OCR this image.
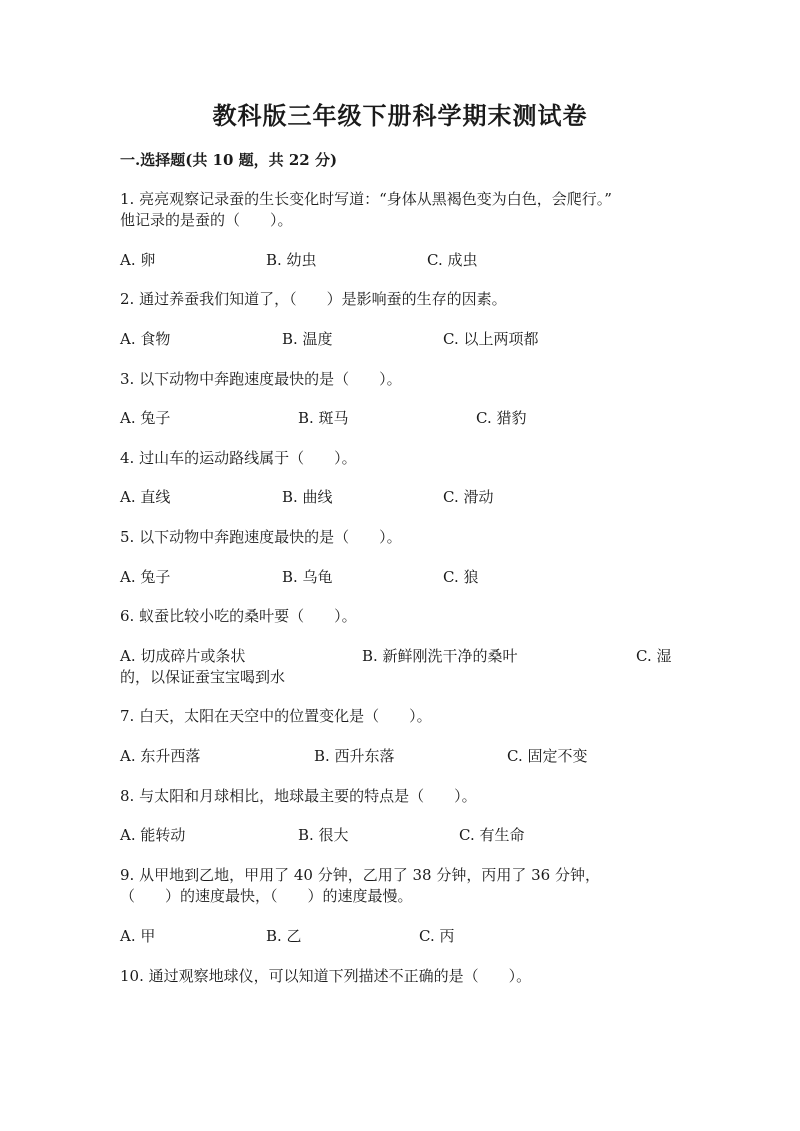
教科版三年级下册科学期末测试卷
一.选择题(共 10 题，共 22 分)
1. 亮亮观察记录蚕的生长变化时写道：“身体从黑褐色变为白色，会爬行。”
他记录的是蚕的（　　）。
A. 卵	B. 幼虫	C. 成虫
2. 通过养蚕我们知道了，（　　）是影响蚕的生存的因素。
A. 食物	B. 温度	C. 以上两项都
3. 以下动物中奔跑速度最快的是（　　）。
A. 兔子	B. 斑马	C. 猎豹
4. 过山车的运动路线属于（　　）。
A. 直线	B. 曲线	C. 滑动
5. 以下动物中奔跑速度最快的是（　　）。
A. 兔子	B. 乌龟	C. 狼
6. 蚁蚕比较小吃的桑叶要（　　）。
A. 切成碎片或条状	B. 新鲜刚洗干净的桑叶	C. 湿
的，以保证蚕宝宝喝到水
7. 白天，太阳在天空中的位置变化是（　　）。
A. 东升西落	B. 西升东落	C. 固定不变
8. 与太阳和月球相比，地球最主要的特点是（　　）。
A. 能转动	B. 很大	C. 有生命
9. 从甲地到乙地，甲用了 40 分钟，乙用了 38 分钟，丙用了 36 分钟，
（　　）的速度最快，（　　）的速度最慢。
A. 甲	B. 乙	C. 丙
10. 通过观察地球仪，可以知道下列描述不正确的是（　　）。
